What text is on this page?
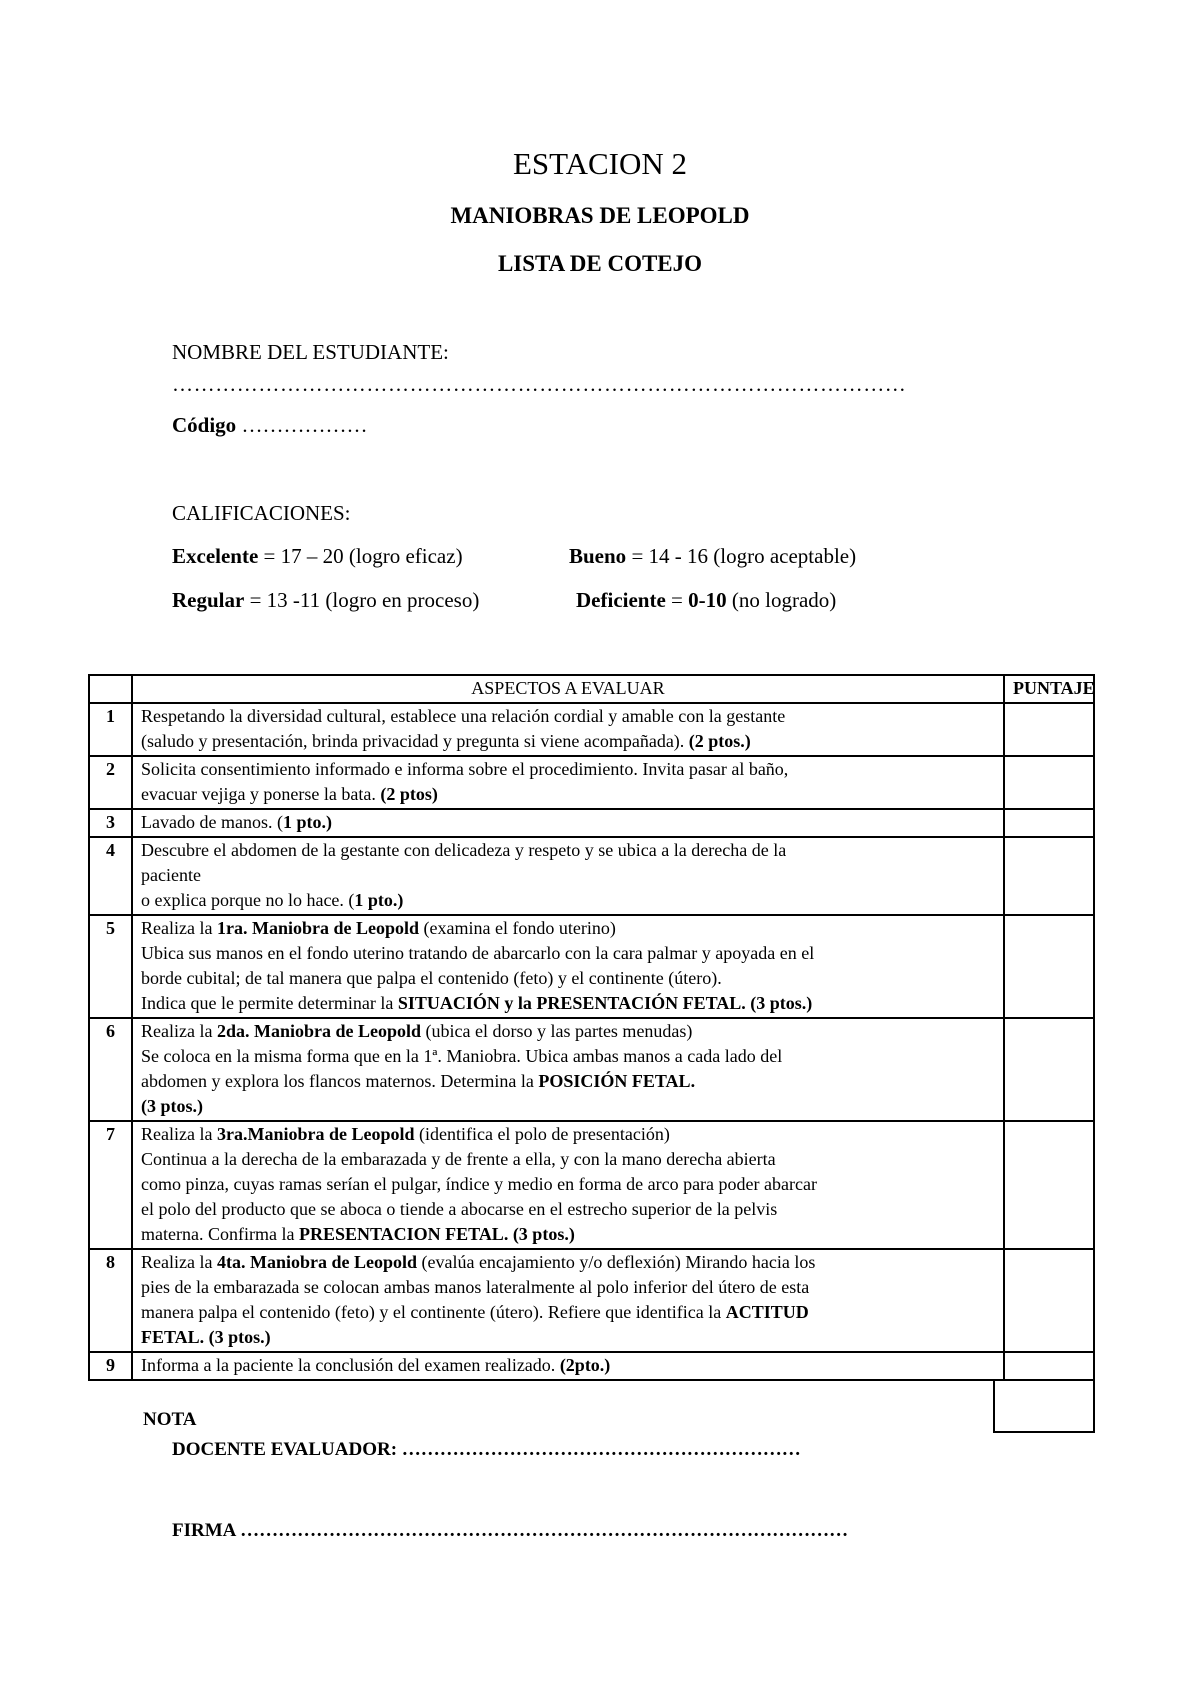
ESTACION 2
MANIOBRAS DE LEOPOLD
LISTA DE COTEJO
NOMBRE DEL ESTUDIANTE:
…………………………………………………………………………………………
Código ………………
CALIFICACIONES:
Excelente = 17 – 20 (logro eficaz)	Bueno = 14 - 16 (logro aceptable)
Regular = 13 -11 (logro en proceso)	Deficiente = 0-10 (no logrado)
	ASPECTOS A EVALUAR	PUNTAJE
1	Respetando la diversidad cultural, establece una relación cordial y amable con la gestante
(saludo y presentación, brinda privacidad y pregunta si viene acompañada). (2 ptos.)	
2	Solicita consentimiento informado e informa sobre el procedimiento. Invita pasar al baño,
evacuar vejiga y ponerse la bata. (2 ptos)	
3	Lavado de manos. (1 pto.)	
4	Descubre el abdomen de la gestante con delicadeza y respeto y se ubica a la derecha de la
paciente
o explica porque no lo hace. (1 pto.)	
5	Realiza la 1ra. Maniobra de Leopold (examina el fondo uterino)
Ubica sus manos en el fondo uterino tratando de abarcarlo con la cara palmar y apoyada en el
borde cubital; de tal manera que palpa el contenido (feto) y el continente (útero).
Indica que le permite determinar la SITUACIÓN y la PRESENTACIÓN FETAL. (3 ptos.)	
6	Realiza la 2da. Maniobra de Leopold (ubica el dorso y las partes menudas)
Se coloca en la misma forma que en la 1ª. Maniobra. Ubica ambas manos a cada lado del
abdomen y explora los flancos maternos. Determina la POSICIÓN FETAL.
(3 ptos.)	
7	Realiza la 3ra.Maniobra de Leopold (identifica el polo de presentación)
Continua a la derecha de la embarazada y de frente a ella, y con la mano derecha abierta
como pinza, cuyas ramas serían el pulgar, índice y medio en forma de arco para poder abarcar
el polo del producto que se aboca o tiende a abocarse en el estrecho superior de la pelvis
materna. Confirma la PRESENTACION FETAL. (3 ptos.)	
8	Realiza la 4ta. Maniobra de Leopold (evalúa encajamiento y/o deflexión) Mirando hacia los
pies de la embarazada se colocan ambas manos lateralmente al polo inferior del útero de esta
manera palpa el contenido (feto) y el continente (útero). Refiere que identifica la ACTITUD
FETAL. (3 ptos.)	
9	Informa a la paciente la conclusión del examen realizado. (2pto.)	
NOTA
DOCENTE EVALUADOR: ………………………………………………………
FIRMA ……………………………………………………………………………………
